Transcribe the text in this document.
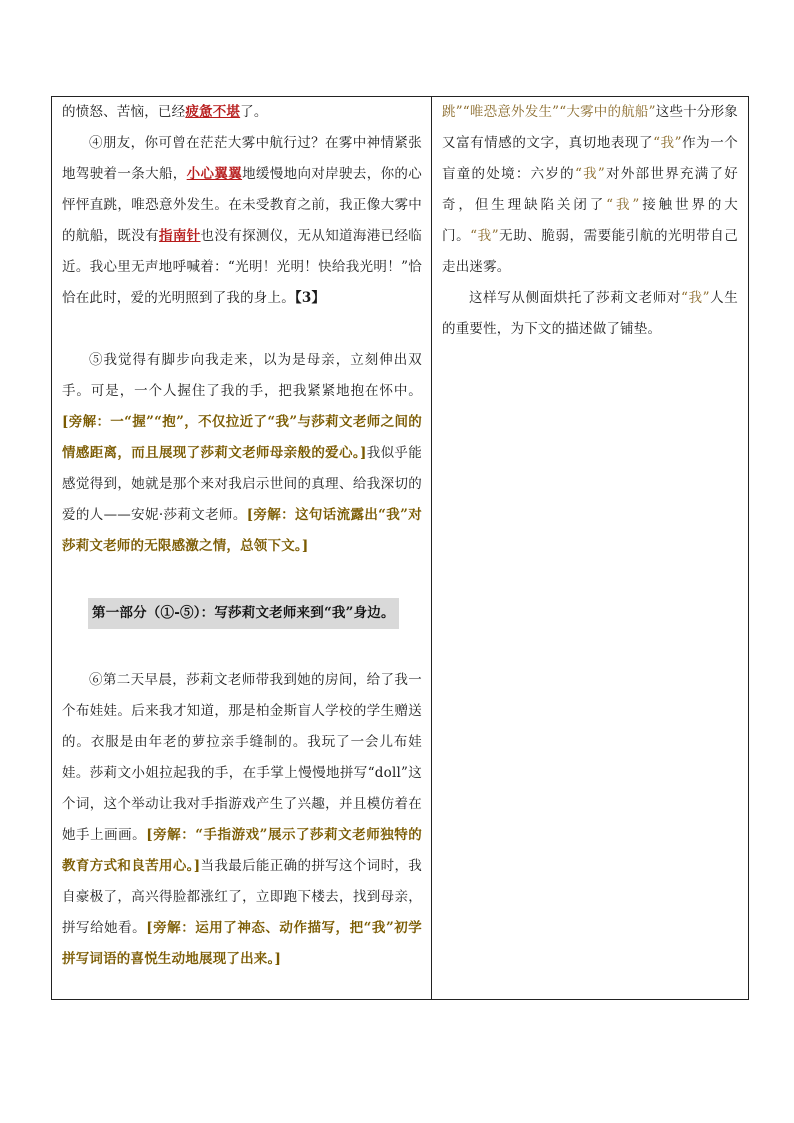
的愤怒、苦恼，已经疲惫不堪了。

④朋友，你可曾在茫茫大雾中航行过？在雾中神情紧张地驾驶着一条大船，小心翼翼地缓慢地向对岸驶去，你的心怦怦直跳，唯恐意外发生。在未受教育之前，我正像大雾中的航船，既没有指南针也没有探测仪，无从知道海港已经临近。我心里无声地呼喊着：“光明！光明！快给我光明！”恰恰在此时，爱的光明照到了我的身上。【3】

⑤我觉得有脚步向我走来，以为是母亲，立刻伸出双手。可是，一个人握住了我的手，把我紧紧地抱在怀中。[旁解：一“握”“抱”，不仅拉近了“我”与莎莉文老师之间的情感距离，而且展现了莎莉文老师母亲般的爱心。]我似乎能感觉得到，她就是那个来对我启示世间的真理、给我深切的爱的人——安妮·莎莉文老师。[旁解：这句话流露出“我”对莎莉文老师的无限感激之情，总领下文。]

第一部分（①-⑤）：写莎莉文老师来到“我”身边。

⑥第二天早晨，莎莉文老师带我到她的房间，给了我一个布娃娃。后来我才知道，那是柏金斯盲人学校的学生赠送的。衣服是由年老的萝拉亲手缝制的。我玩了一会儿布娃娃。莎莉文小姐拉起我的手，在手掌上慢慢地拼写“doll”这个词，这个举动让我对手指游戏产生了兴趣，并且模仿着在她手上画画。[旁解：“手指游戏”展示了莎莉文老师独特的教育方式和良苦用心。]当我最后能正确的拼写这个词时，我自豪极了，高兴得脸都涨红了，立即跑下楼去，找到母亲，拼写给她看。[旁解：运用了神态、动作描写，把“我”初学拼写词语的喜悦生动地展现了出来。]

跳”“唯恐意外发生”“大雾中的航船”这些十分形象又富有情感的文字，真切地表现了“我”作为一个盲童的处境：六岁的“我”对外部世界充满了好奇，但生理缺陷关闭了“我”接触世界的大门。“我”无助、脆弱，需要能引航的光明带自己走出迷雾。

这样写从侧面烘托了莎莉文老师对“我”人生的重要性，为下文的描述做了铺垫。
